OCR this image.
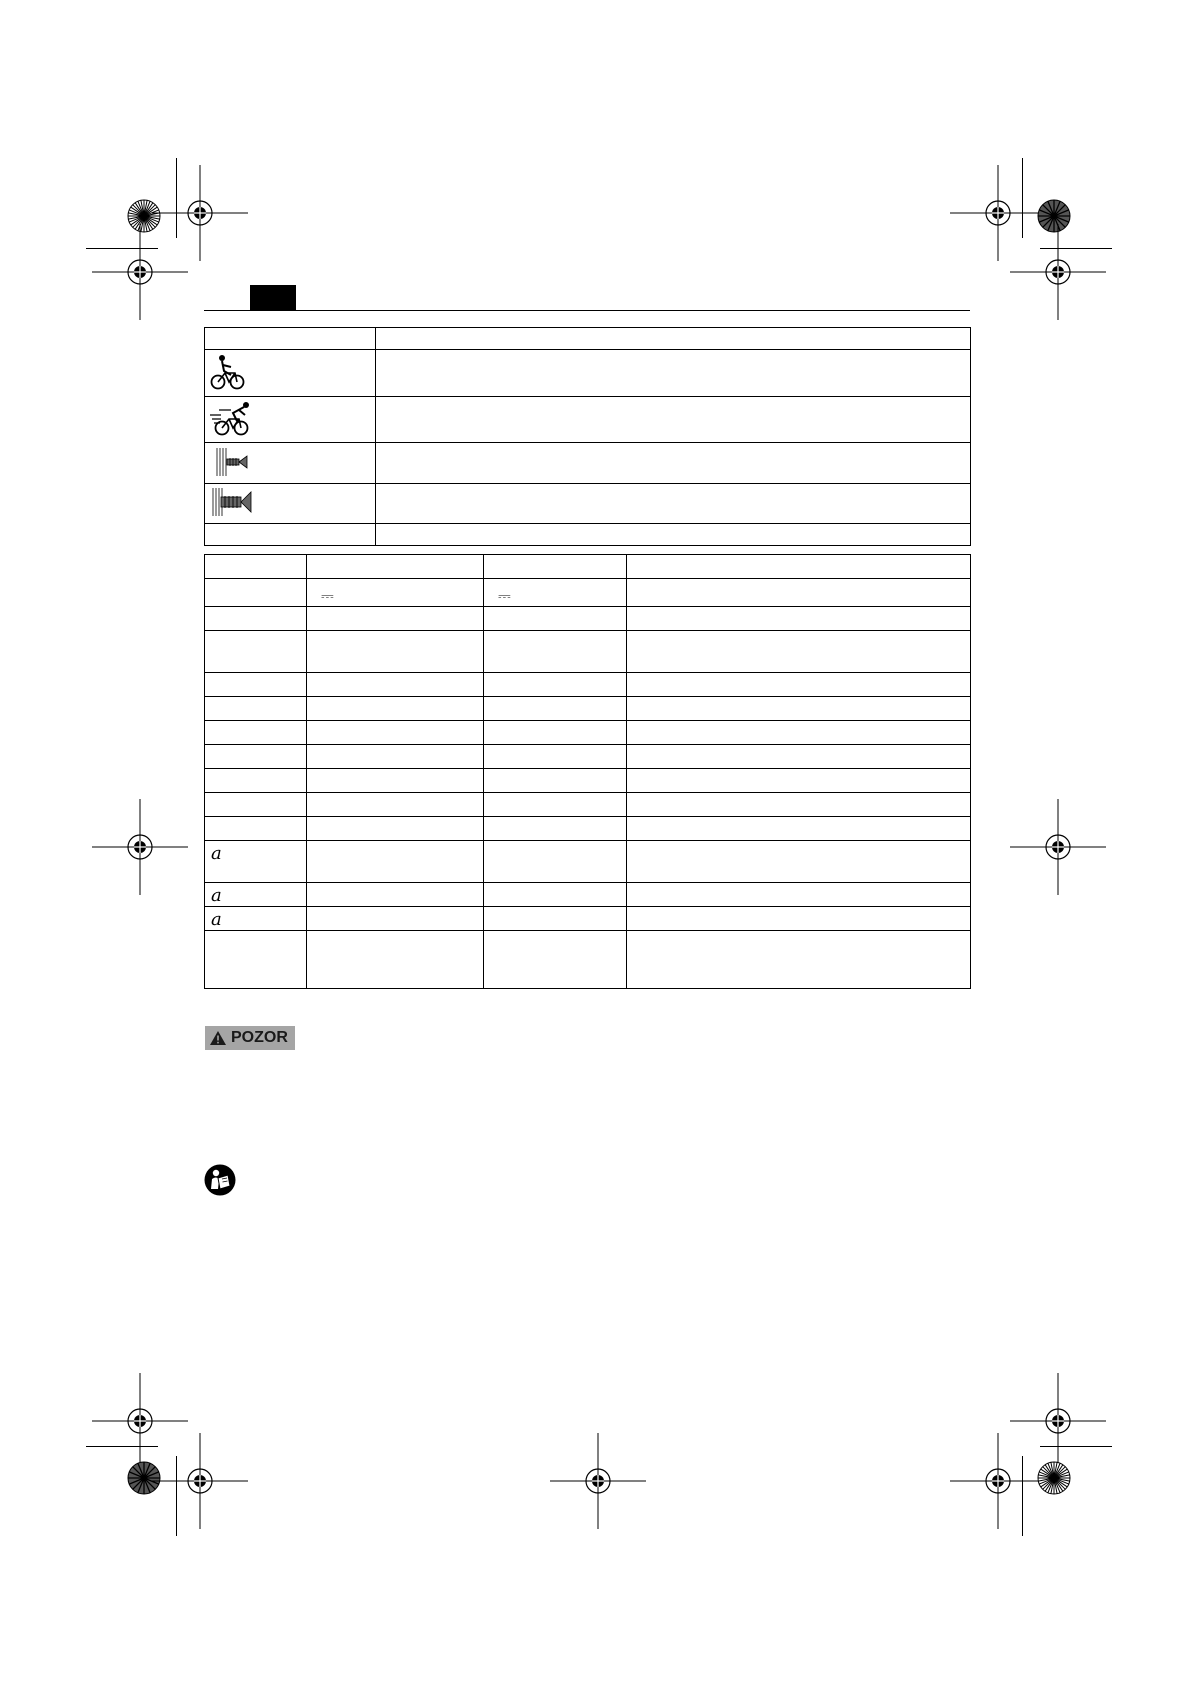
	⎓	⎓	

a			
a			
a			

POZOR
